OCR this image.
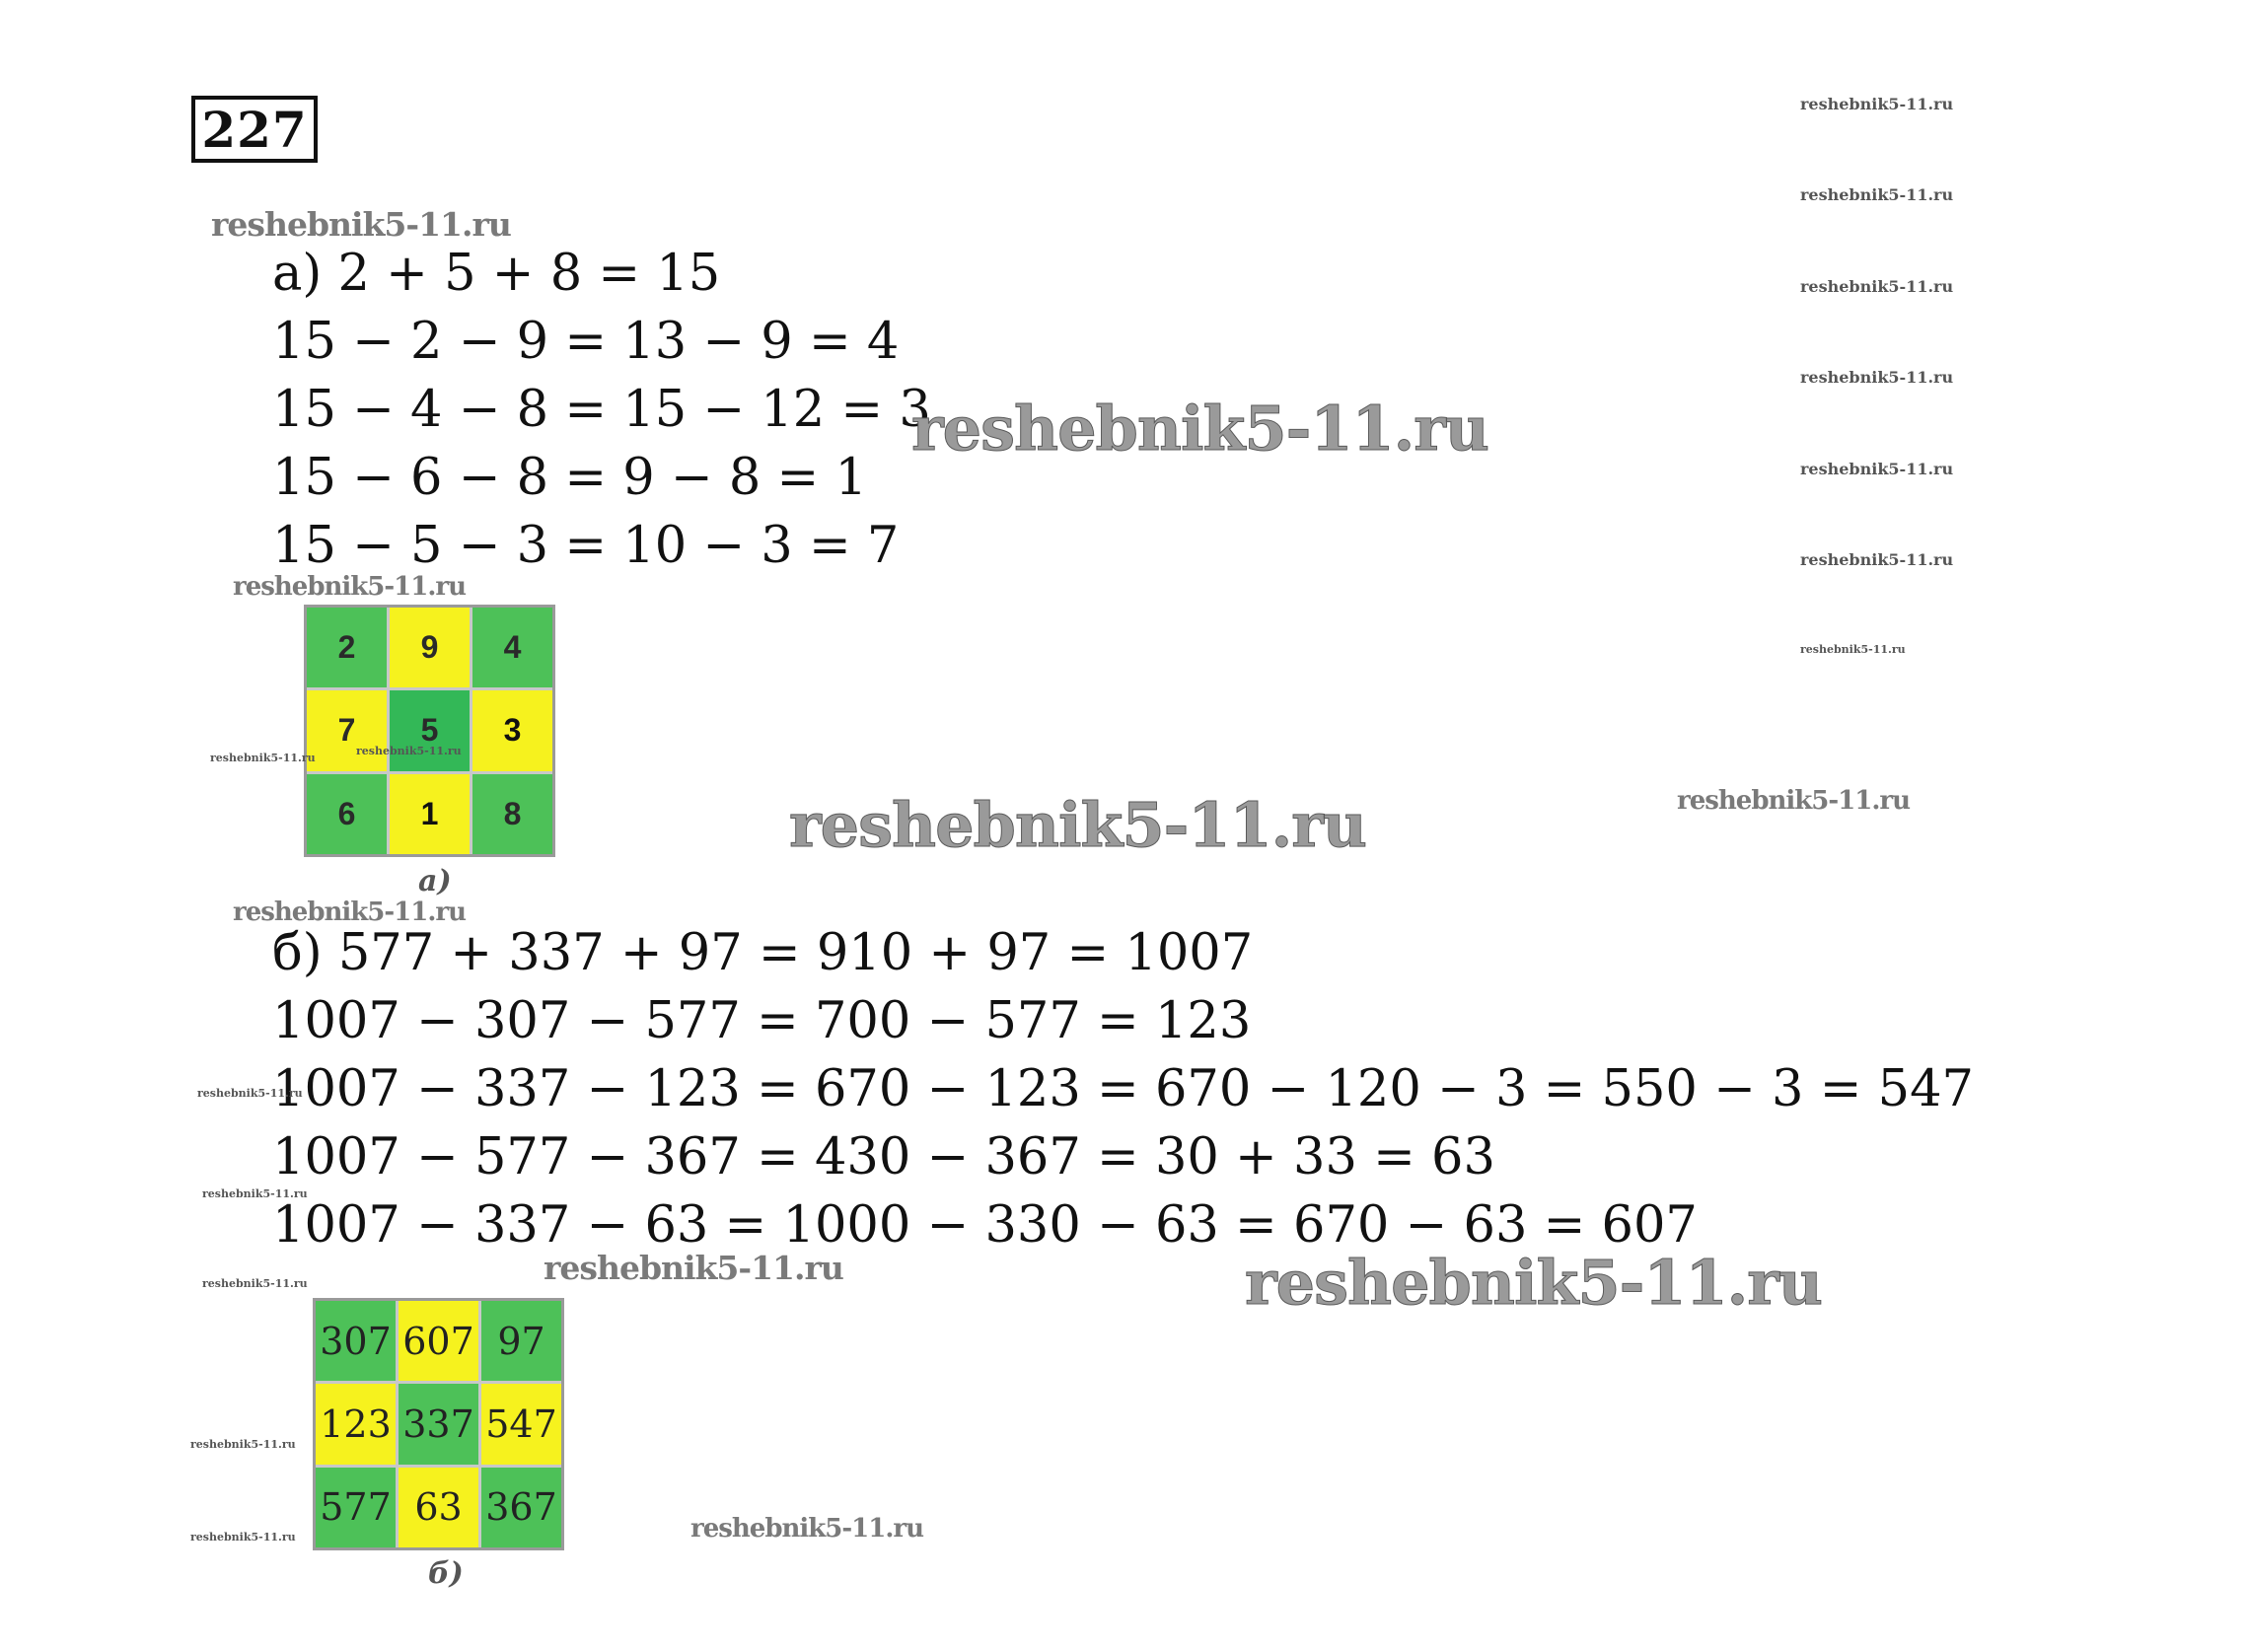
227
а) 2 + 5 + 8 = 15
15 − 2 − 9 = 13 − 9 = 4
15 − 4 − 8 = 15 − 12 = 3
15 − 6 − 8 = 9 − 8 = 1
15 − 5 − 3 = 10 − 3 = 7
2	9	4
7	5	3
6	1	8
а)
б) 577 + 337 + 97 = 910 + 97 = 1007
1007 − 307 − 577 = 700 − 577 = 123
1007 − 337 − 123 = 670 − 123 = 670 − 120 − 3 = 550 − 3 = 547
1007 − 577 − 367 = 430 − 367 = 30 + 33 = 63
1007 − 337 − 63 = 1000 − 330 − 63 = 670 − 63 = 607
307 607 97
123 337 547
577 63 367
б)
reshebnik5-11.ru
reshebnik5-11.ru
reshebnik5-11.ru
reshebnik5-11.ru
reshebnik5-11.ru
reshebnik5-11.ru	reshebnik5-11.ru
reshebnik5-11.ru
reshebnik5-11.ru
reshebnik5-11.ru
reshebnik5-11.ru	reshebnik5-11.ru
reshebnik5-11.ru
reshebnik5-11.ru
reshebnik5-11.ru	reshebnik5-11.ru
reshebnik5-11.ru
reshebnik5-11.ru
reshebnik5-11.ru
reshebnik5-11.ru
reshebnik5-11.ru
reshebnik5-11.ru
reshebnik5-11.ru
